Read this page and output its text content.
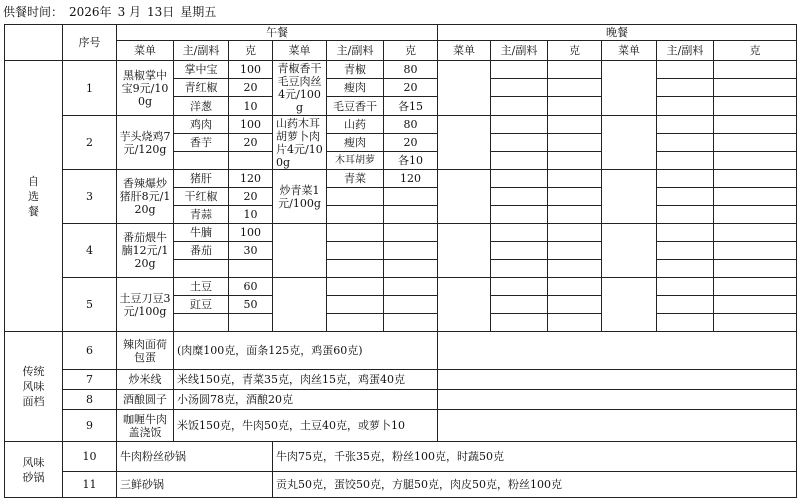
供餐时间： 2026年 3 月 13日 星期五
	序号	午餐						晚餐					
		菜单	主/副料	克	菜单	主/副料	克	菜单	主/副料	克	菜单	主/副料	克
自
选
餐	1	黑椒掌中宝9元/100g	掌中宝	100	青椒香干毛豆肉丝4元/100g	青椒	80						
			青红椒	20		瘦肉	20						
			洋葱	10		毛豆香干	各15						
	2	芋头烧鸡7元/120g	鸡肉	100	山药木耳胡萝卜肉片4元/100g	山药	80						
			香芋	20		瘦肉	20						
						木耳胡萝	各10						
	3	香辣爆炒猪肝8元/120g	猪肝	120	炒青菜1元/100g	青菜	120						
			干红椒	20									
			青蒜	10									
	4	番茄煨牛腩12元/120g	牛腩	100									
			番茄	30									

	5	土豆刀豆3元/100g	土豆	60									
			豇豆	50									

传统
风味
面档	6	辣肉面荷包蛋	(肉糜100克，面条125克，鸡蛋60克)										
	7	炒米线	米线150克，青菜35克，肉丝15克，鸡蛋40克										
	8	酒酿圆子	小汤圆78克，酒酿20克										
	9	咖喱牛肉盖浇饭	米饭150克，牛肉50克，土豆40克，或萝卜10										
风味
砂锅	10	牛肉粉丝砂锅			牛肉75克，千张35克，粉丝100克，时蔬50克								
	11	三鲜砂锅			贡丸50克，蛋饺50克，方腿50克，肉皮50克，粉丝100克								
